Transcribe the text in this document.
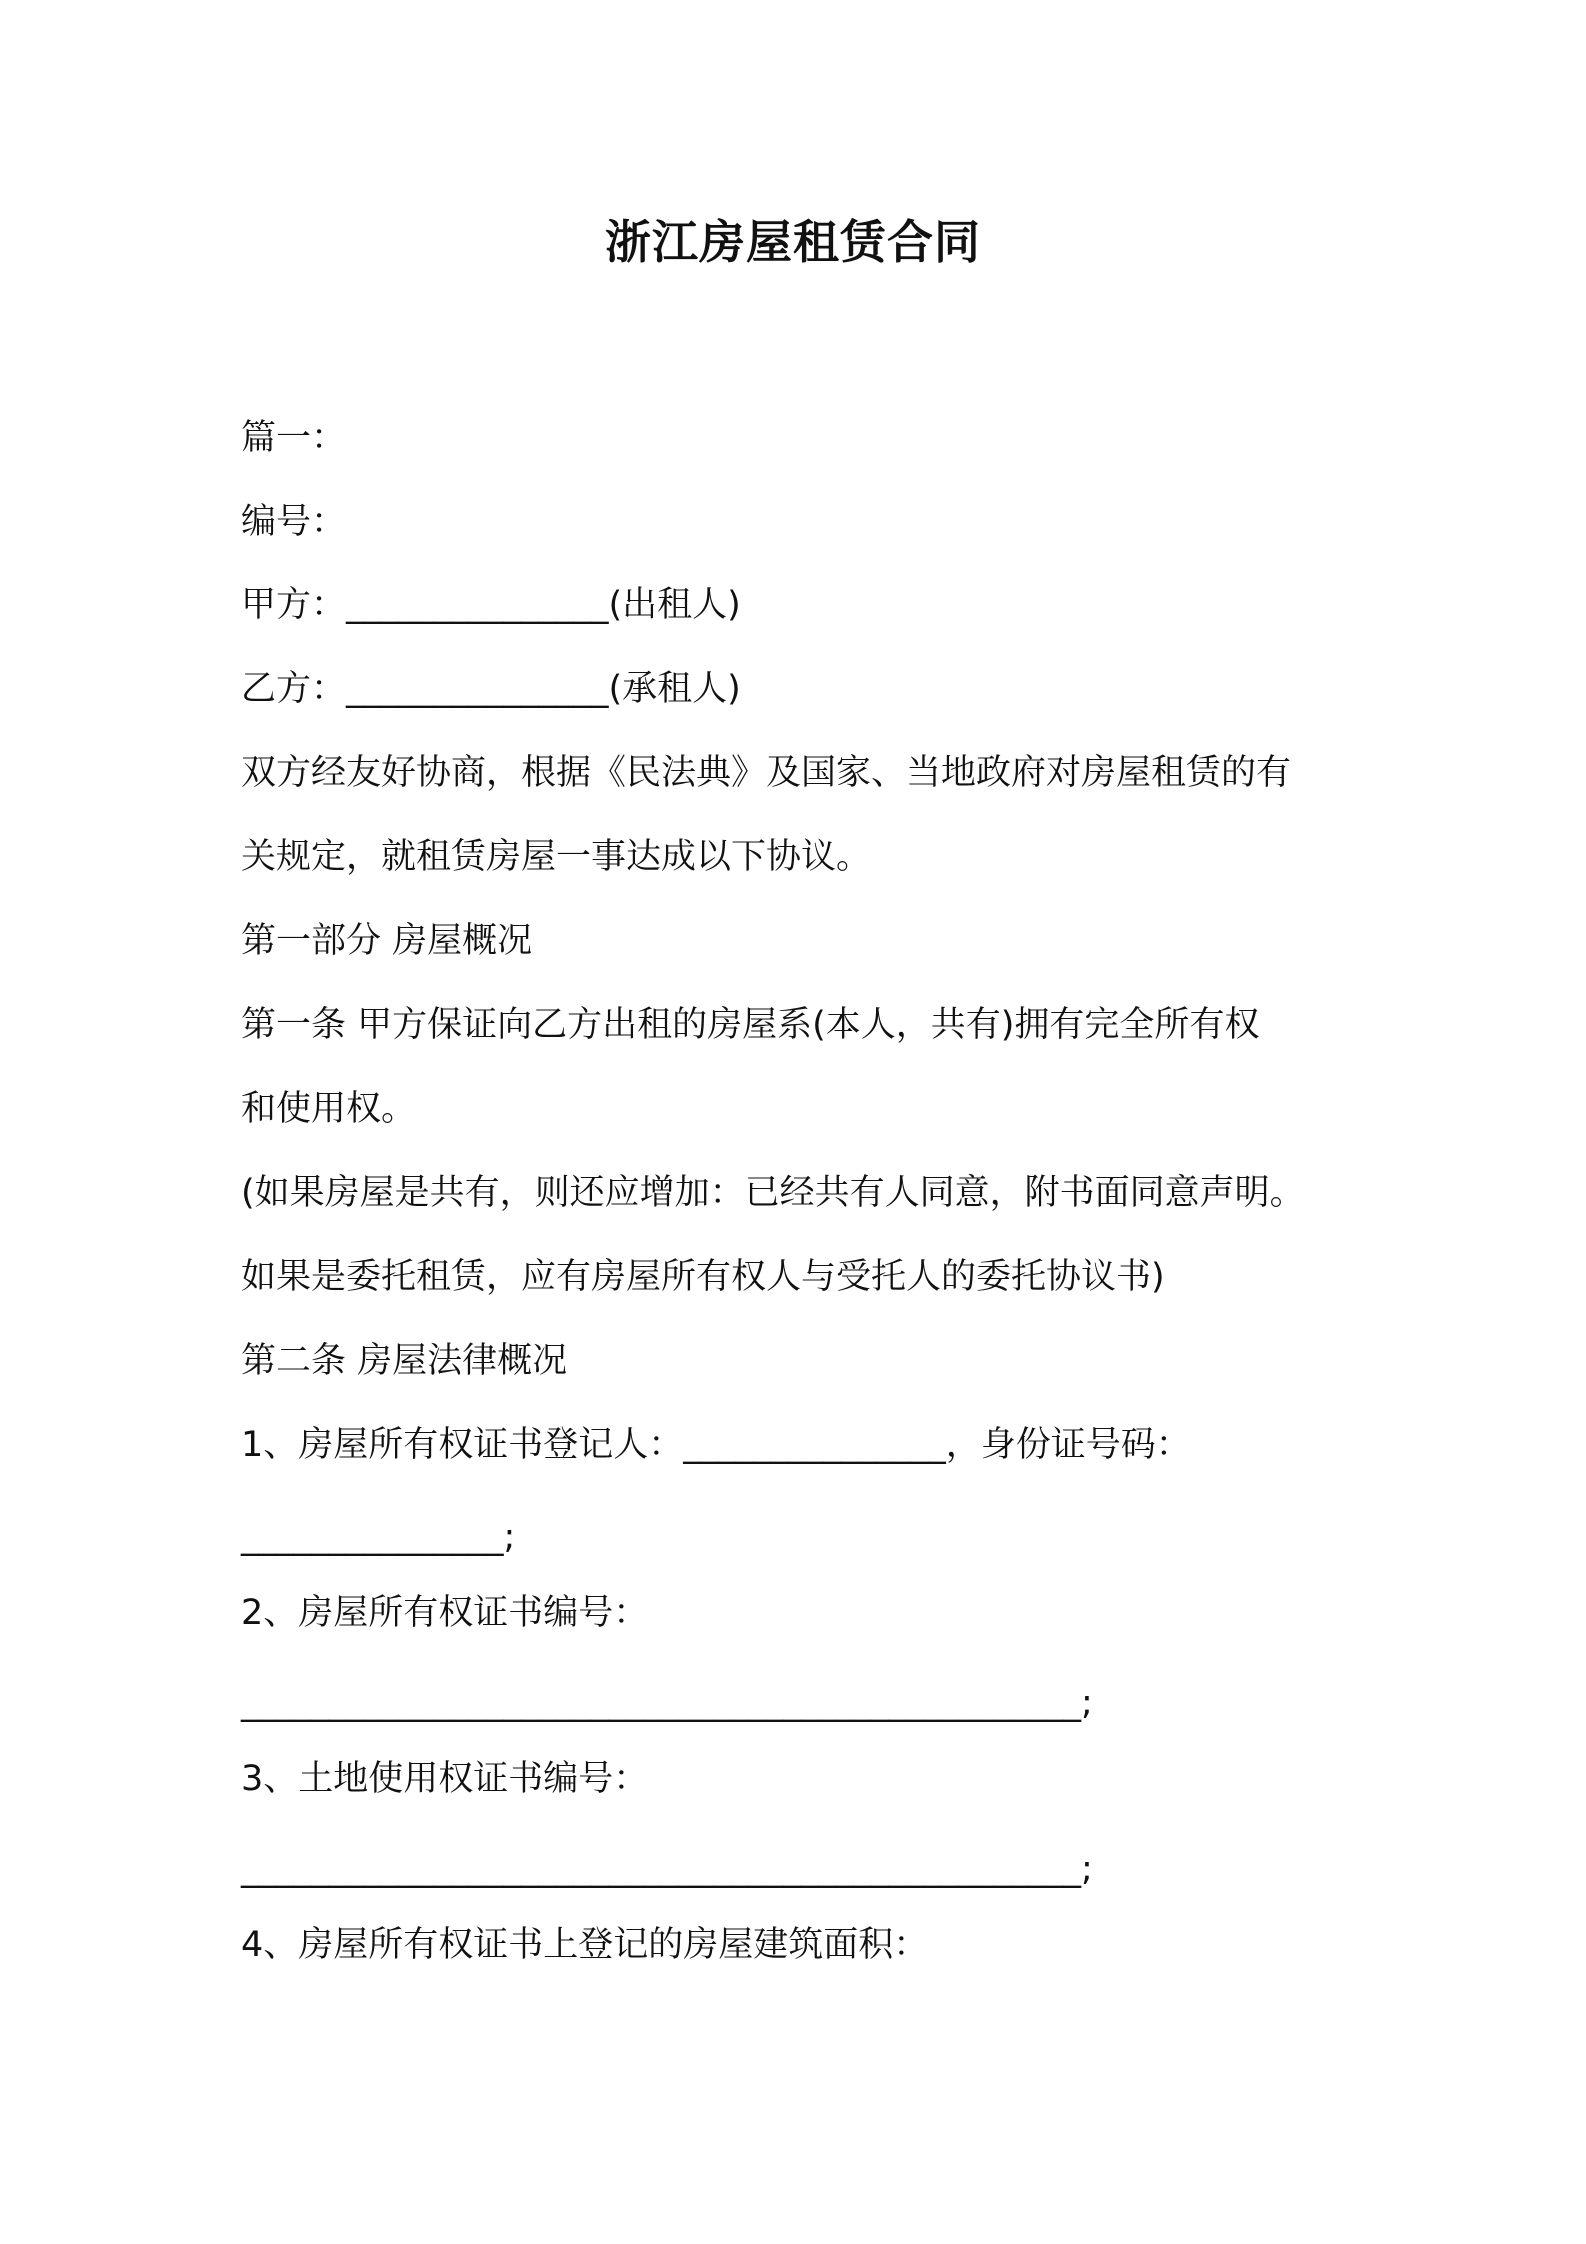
浙江房屋租赁合同
篇一：
编号：
甲方：_______________(出租人)
乙方：_______________(承租人)
双方经友好协商，根据《民法典》及国家、当地政府对房屋租赁的有
关规定，就租赁房屋一事达成以下协议。
第一部分 房屋概况
第一条 甲方保证向乙方出租的房屋系(本人，共有)拥有完全所有权
和使用权。
(如果房屋是共有，则还应增加：已经共有人同意，附书面同意声明。
如果是委托租赁，应有房屋所有权人与受托人的委托协议书)
第二条 房屋法律概况
1、房屋所有权证书登记人：_______________，身份证号码：
_______________;
2、房屋所有权证书编号：
________________________________________________;
3、土地使用权证书编号：
________________________________________________;
4、房屋所有权证书上登记的房屋建筑面积：
